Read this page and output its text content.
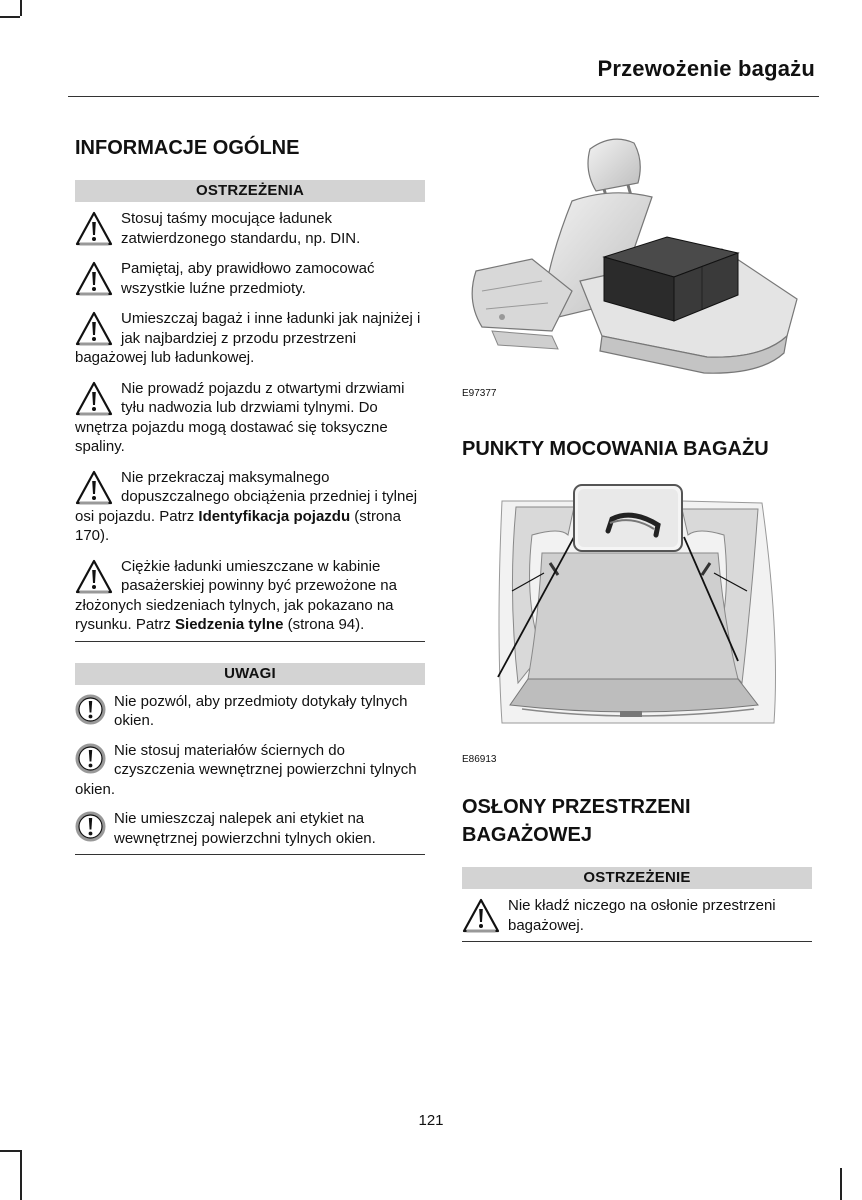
Przewożenie bagażu
INFORMACJE OGÓLNE
OSTRZEŻENIA

Stosuj taśmy mocujące ładunek zatwierdzonego standardu, np. DIN.

Pamiętaj, aby prawidłowo zamocować wszystkie luźne przedmioty.

Umieszczaj bagaż i inne ładunki jak najniżej i jak najbardziej z przodu przestrzeni bagażowej lub ładunkowej.

Nie prowadź pojazdu z otwartymi drzwiami tyłu nadwozia lub drzwiami tylnymi. Do wnętrza pojazdu mogą dostawać się toksyczne spaliny.

Nie przekraczaj maksymalnego dopuszczalnego obciążenia przedniej i tylnej osi pojazdu. Patrz Identyfikacja pojazdu (strona 170).

Ciężkie ładunki umieszczane w kabinie pasażerskiej powinny być przewożone na złożonych siedzeniach tylnych, jak pokazano na rysunku. Patrz Siedzenia tylne (strona 94).

UWAGI

Nie pozwól, aby przedmioty dotykały tylnych okien.

Nie stosuj materiałów ściernych do czyszczenia wewnętrznej powierzchni tylnych okien.

Nie umieszczaj nalepek ani etykiet na wewnętrznej powierzchni tylnych okien.

E97377
PUNKTY MOCOWANIA BAGAŻU
E86913
OSŁONY PRZESTRZENI BAGAŻOWEJ
OSTRZEŻENIE

Nie kładź niczego na osłonie przestrzeni bagażowej.

121
